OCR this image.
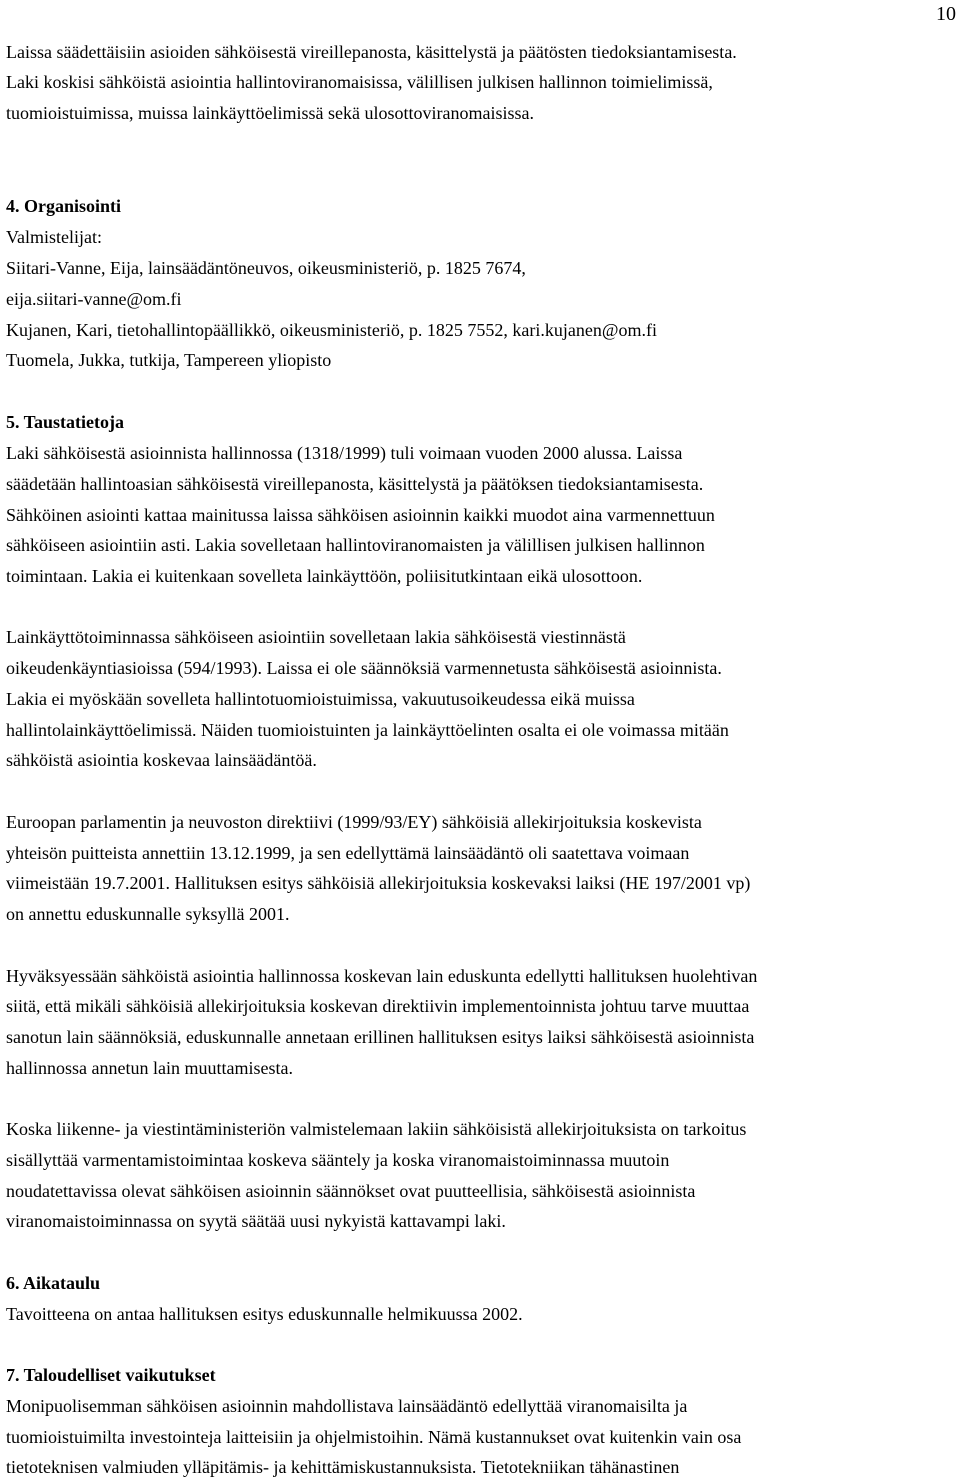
10
Laissa säädettäisiin asioiden sähköisestä vireillepanosta, käsittelystä ja päätösten tiedoksiantamisesta.
Laki koskisi sähköistä asiointia hallintoviranomaisissa, välillisen julkisen hallinnon toimielimissä,
tuomioistuimissa, muissa lainkäyttöelimissä sekä ulosottoviranomaisissa.
4. Organisointi
Valmistelijat:
Siitari-Vanne, Eija, lainsäädäntöneuvos, oikeusministeriö, p. 1825 7674,
eija.siitari-vanne@om.fi
Kujanen, Kari, tietohallintopäällikkö, oikeusministeriö, p. 1825 7552, kari.kujanen@om.fi
Tuomela, Jukka, tutkija, Tampereen yliopisto
5. Taustatietoja
Laki sähköisestä asioinnista hallinnossa (1318/1999) tuli voimaan vuoden 2000 alussa. Laissa
säädetään hallintoasian sähköisestä vireillepanosta, käsittelystä ja päätöksen tiedoksiantamisesta.
Sähköinen asiointi kattaa mainitussa laissa sähköisen asioinnin kaikki muodot aina varmennettuun
sähköiseen asiointiin asti. Lakia sovelletaan hallintoviranomaisten ja välillisen julkisen hallinnon
toimintaan. Lakia ei kuitenkaan sovelleta lainkäyttöön, poliisitutkintaan eikä ulosottoon.
Lainkäyttötoiminnassa sähköiseen asiointiin sovelletaan lakia sähköisestä viestinnästä
oikeudenkäyntiasioissa (594/1993). Laissa ei ole säännöksiä varmennetusta sähköisestä asioinnista.
Lakia ei myöskään sovelleta hallintotuomioistuimissa, vakuutusoikeudessa eikä muissa
hallintolainkäyttöelimissä. Näiden tuomioistuinten ja lainkäyttöelinten osalta ei ole voimassa mitään
sähköistä asiointia koskevaa lainsäädäntöä.
Euroopan parlamentin ja neuvoston direktiivi (1999/93/EY) sähköisiä allekirjoituksia koskevista
yhteisön puitteista annettiin 13.12.1999, ja sen edellyttämä lainsäädäntö oli saatettava voimaan
viimeistään 19.7.2001. Hallituksen esitys sähköisiä allekirjoituksia koskevaksi laiksi (HE 197/2001 vp)
on annettu eduskunnalle syksyllä 2001.
Hyväksyessään sähköistä asiointia hallinnossa koskevan lain eduskunta edellytti hallituksen huolehtivan
siitä, että mikäli sähköisiä allekirjoituksia koskevan direktiivin implementoinnista johtuu tarve muuttaa
sanotun lain säännöksiä, eduskunnalle annetaan erillinen hallituksen esitys laiksi sähköisestä asioinnista
hallinnossa annetun lain muuttamisesta.
Koska liikenne- ja viestintäministeriön valmistelemaan lakiin sähköisistä allekirjoituksista on tarkoitus
sisällyttää varmentamistoimintaa koskeva sääntely ja koska viranomaistoiminnassa muutoin
noudatettavissa olevat sähköisen asioinnin säännökset ovat puutteellisia, sähköisestä asioinnista
viranomaistoiminnassa on syytä säätää uusi nykyistä kattavampi laki.
6. Aikataulu
Tavoitteena on antaa hallituksen esitys eduskunnalle helmikuussa 2002.
7. Taloudelliset vaikutukset
Monipuolisemman sähköisen asioinnin mahdollistava lainsäädäntö edellyttää viranomaisilta ja
tuomioistuimilta investointeja laitteisiin ja ohjelmistoihin. Nämä kustannukset ovat kuitenkin vain osa
tietoteknisen valmiuden ylläpitämis- ja kehittämiskustannuksista. Tietotekniikan tähänastinen
